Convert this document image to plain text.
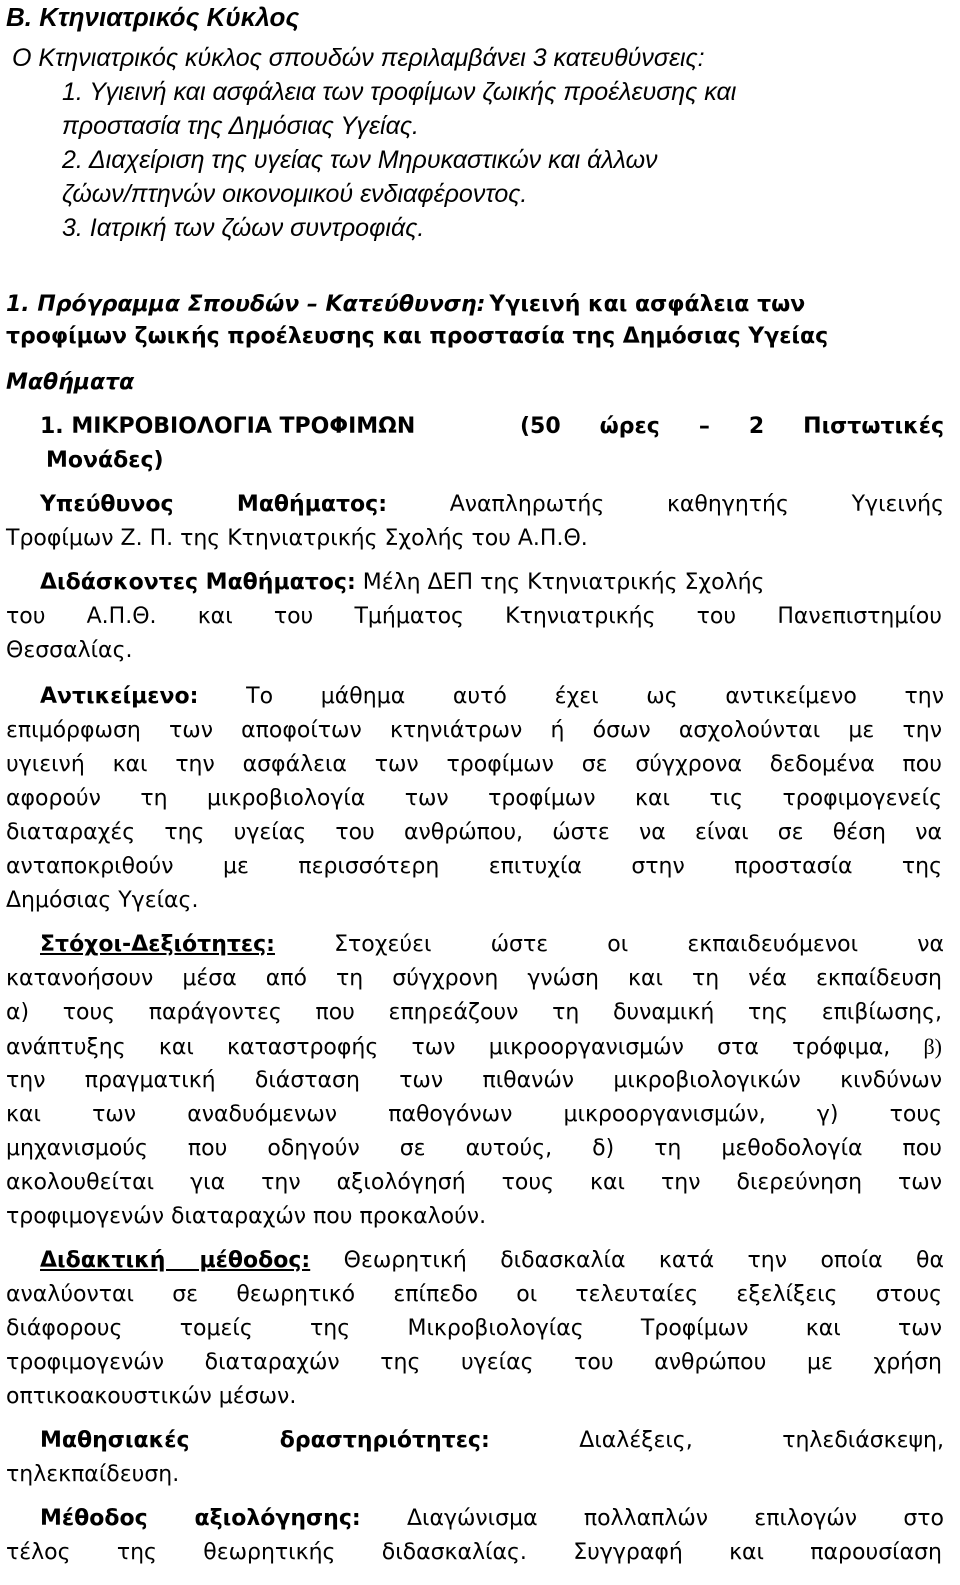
Β. Κτηνιατρικός Κύκλος
Ο Κτηνιατρικός κύκλος σπουδών περιλαμβάνει 3 κατευθύνσεις:
1. Υγιεινή και ασφάλεια των τροφίμων ζωικής προέλευσης και
προστασία της Δημόσιας Υγείας.
2. Διαχείριση της υγείας των Μηρυκαστικών και άλλων
ζώων/πτηνών οικονομικού ενδιαφέροντος.
3. Ιατρική των ζώων συντροφιάς.
1. Πρόγραμμα Σπουδών – Κατεύθυνση: Υγιεινή και ασφάλεια των
τροφίμων ζωικής προέλευσης και προστασία της Δημόσιας Υγείας
Μαθήματα
1. ΜΙΚΡΟΒΙΟΛΟΓΙΑ ΤΡΟΦΙΜΩΝ	(50 ώρες – 2 Πιστωτικές
Μονάδες)
Υπεύθυνος Μαθήματος:	Αναπληρωτής καθηγητής Υγιεινής
Τροφίμων Ζ. Π. της Κτηνιατρικής Σχολής του Α.Π.Θ.
Διδάσκοντες Μαθήματος: Μέλη ΔΕΠ της Κτηνιατρικής Σχολής
του Α.Π.Θ. και του Τμήματος Κτηνιατρικής του Πανεπιστημίου
Θεσσαλίας.
Αντικείμενο: Το μάθημα αυτό έχει ως αντικείμενο την
επιμόρφωση των αποφοίτων κτηνιάτρων ή όσων ασχολούνται με την
υγιεινή και την ασφάλεια των τροφίμων σε σύγχρονα δεδομένα που
αφορούν τη μικροβιολογία των τροφίμων και τις τροφιμογενείς
διαταραχές της υγείας του ανθρώπου, ώστε να είναι σε θέση να
ανταποκριθούν με περισσότερη επιτυχία στην προστασία της
Δημόσιας Υγείας.
Στόχοι-Δεξιότητες:	Στοχεύει ώστε οι εκπαιδευόμενοι να
κατανοήσουν μέσα από τη σύγχρονη γνώση και τη νέα εκπαίδευση
α) τους παράγοντες που επηρεάζουν τη δυναμική της επιβίωσης,
ανάπτυξης και καταστροφής των μικροοργανισμών στα τρόφιμα, β)
την πραγματική διάσταση των πιθανών μικροβιολογικών κινδύνων
και των αναδυόμενων παθογόνων μικροοργανισμών, γ) τους
μηχανισμούς που οδηγούν σε αυτούς, δ) τη μεθοδολογία που
ακολουθείται για την αξιολόγησή τους και την διερεύνηση των
τροφιμογενών διαταραχών που προκαλούν.
Διδακτική μέθοδος: Θεωρητική διδασκαλία κατά την οποία θα
αναλύονται σε θεωρητικό επίπεδο οι τελευταίες εξελίξεις στους
διάφορους τομείς της Μικροβιολογίας Τροφίμων και των
τροφιμογενών διαταραχών της υγείας του ανθρώπου με χρήση
οπτικοακουστικών μέσων.
Μαθησιακές δραστηριότητες:	Διαλέξεις, τηλεδιάσκεψη,
τηλεκπαίδευση.
Μέθοδος αξιολόγησης: Διαγώνισμα πολλαπλών επιλογών στο
τέλος της θεωρητικής διδασκαλίας. Συγγραφή και παρουσίαση
